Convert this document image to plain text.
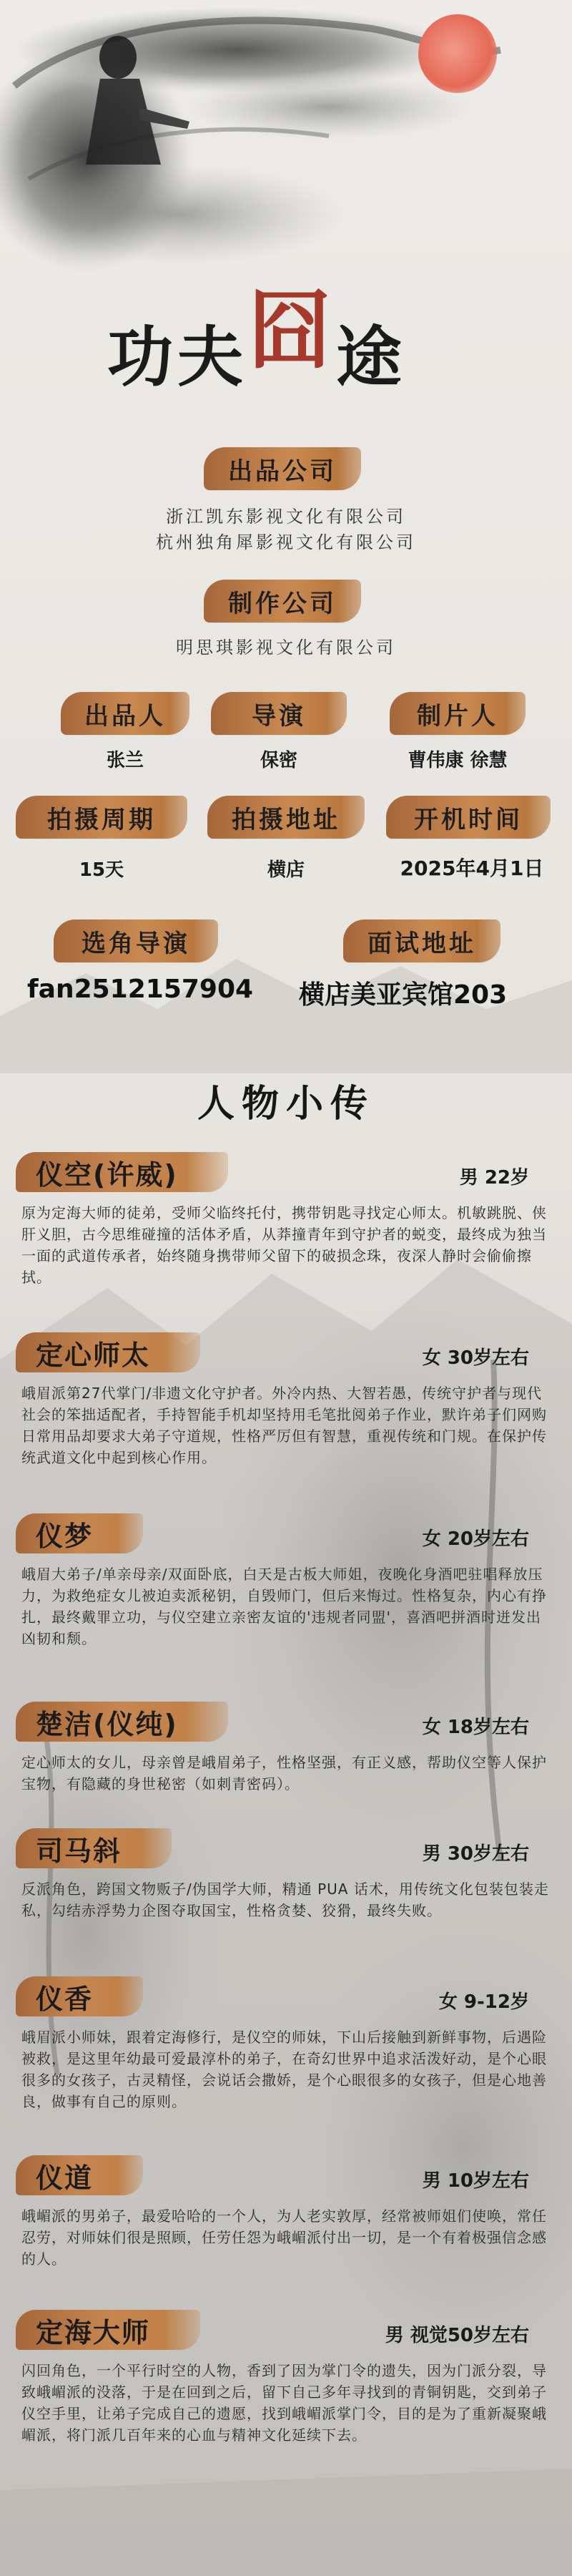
功夫囧途
出品公司
浙江凯东影视文化有限公司
杭州独角犀影视文化有限公司
制作公司
明思琪影视文化有限公司
出品人	导演	制片人
张兰	保密	曹伟康 徐慧
拍摄周期	拍摄地址	开机时间
15天	横店	2025年4月1日
选角导演	面试地址
fan2512157904 横店美亚宾馆203
人物小传
仪空(许威)	男 22岁
原为定海大师的徒弟，受师父临终托付，携带钥匙寻找定心师太。机敏跳脱、侠肝义胆，古今思维碰撞的活体矛盾，从莽撞青年到守护者的蜕变，最终成为独当一面的武道传承者，始终随身携带师父留下的破损念珠，夜深人静时会偷偷擦拭。
定心师太	女 30岁左右
峨眉派第27代掌门/非遗文化守护者。外冷内热、大智若愚，传统守护者与现代社会的笨拙适配者，手持智能手机却坚持用毛笔批阅弟子作业，默许弟子们网购日常用品却要求大弟子守道规，性格严厉但有智慧，重视传统和门规。在保护传统武道文化中起到核心作用。
仪梦	女 20岁左右
峨眉大弟子/单亲母亲/双面卧底，白天是古板大师姐，夜晚化身酒吧驻唱释放压力，为救绝症女儿被迫卖派秘钥，自毁师门，但后来悔过。性格复杂，内心有挣扎，最终戴罪立功，与仪空建立亲密友谊的'违规者同盟'，喜酒吧拼酒时迸发出凶韧和颓。
楚洁(仪纯)	女 18岁左右
定心师太的女儿，母亲曾是峨眉弟子，性格坚强，有正义感，帮助仪空等人保护宝物，有隐藏的身世秘密（如刺青密码）。
司马斜	男 30岁左右
反派角色，跨国文物贩子/伪国学大师，精通 PUA 话术，用传统文化包装包装走私，勾结赤浮势力企图夺取国宝，性格贪婪、狡猾，最终失败。
仪香	女 9-12岁
峨眉派小师妹，跟着定海修行，是仪空的师妹，下山后接触到新鲜事物，后遇险被救，是这里年幼最可爱最淳朴的弟子，在奇幻世界中追求活泼好动，是个心眼很多的女孩子，古灵精怪，会说话会撒娇，是个心眼很多的女孩子，但是心地善良，做事有自己的原则。
仪道	男 10岁左右
峨嵋派的男弟子，最爱哈哈的一个人，为人老实敦厚，经常被师姐们使唤，常任忍劳，对师妹们很是照顾，任劳任怨为峨嵋派付出一切，是一个有着极强信念感的人。
定海大师	男 视觉50岁左右
闪回角色，一个平行时空的人物，香到了因为掌门令的遗失，因为门派分裂，导致峨嵋派的没落，于是在回到之后，留下自己多年寻找到的青铜钥匙，交到弟子仪空手里，让弟子完成自己的遗愿，找到峨嵋派掌门令，目的是为了重新凝聚峨嵋派，将门派几百年来的心血与精神文化延续下去。
